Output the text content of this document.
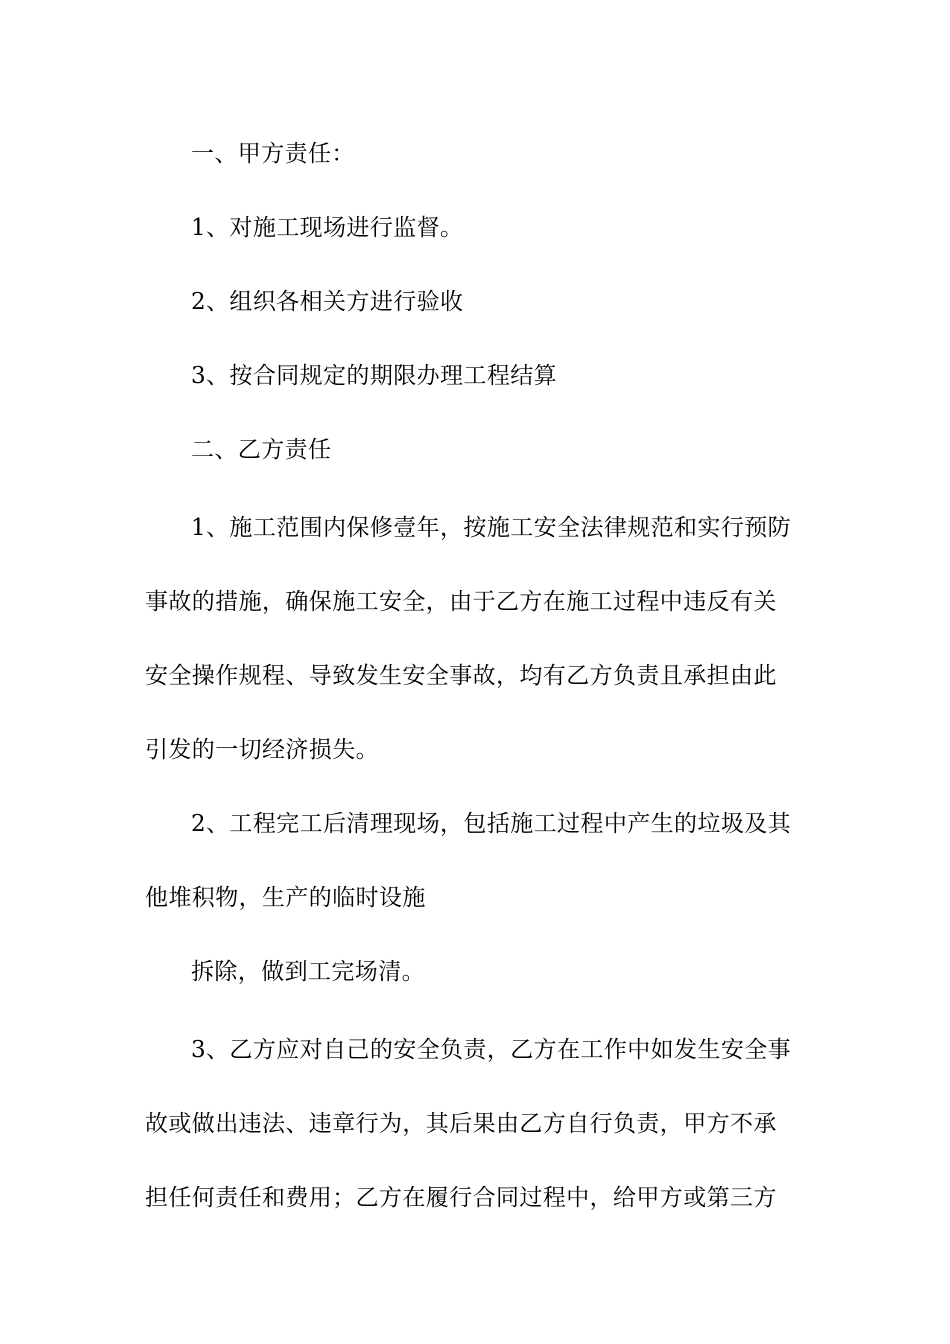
一、甲方责任：
1、对施工现场进行监督。
2、组织各相关方进行验收
3、按合同规定的期限办理工程结算
二、乙方责任
1、施工范围内保修壹年，按施工安全法律规范和实行预防
事故的措施，确保施工安全，由于乙方在施工过程中违反有关
安全操作规程、导致发生安全事故，均有乙方负责且承担由此
引发的一切经济损失。
2、工程完工后清理现场，包括施工过程中产生的垃圾及其
他堆积物，生产的临时设施
拆除，做到工完场清。
3、乙方应对自己的安全负责，乙方在工作中如发生安全事
故或做出违法、违章行为，其后果由乙方自行负责，甲方不承
担任何责任和费用；乙方在履行合同过程中，给甲方或第三方
